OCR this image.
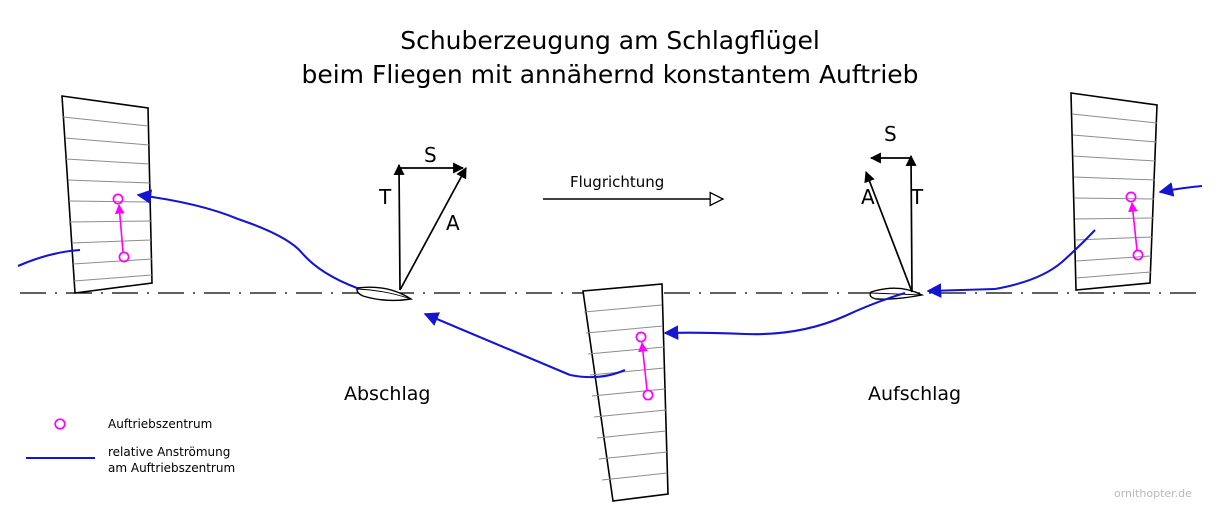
Schuberzeugung am Schlagflügel
beim Fliegen mit annähernd konstantem Auftrieb
S
T
A
S
A T
Flugrichtung
Abschlag	Aufschlag
Auftriebszentrum
relative Anströmung
am Auftriebszentrum
ornithopter.de
